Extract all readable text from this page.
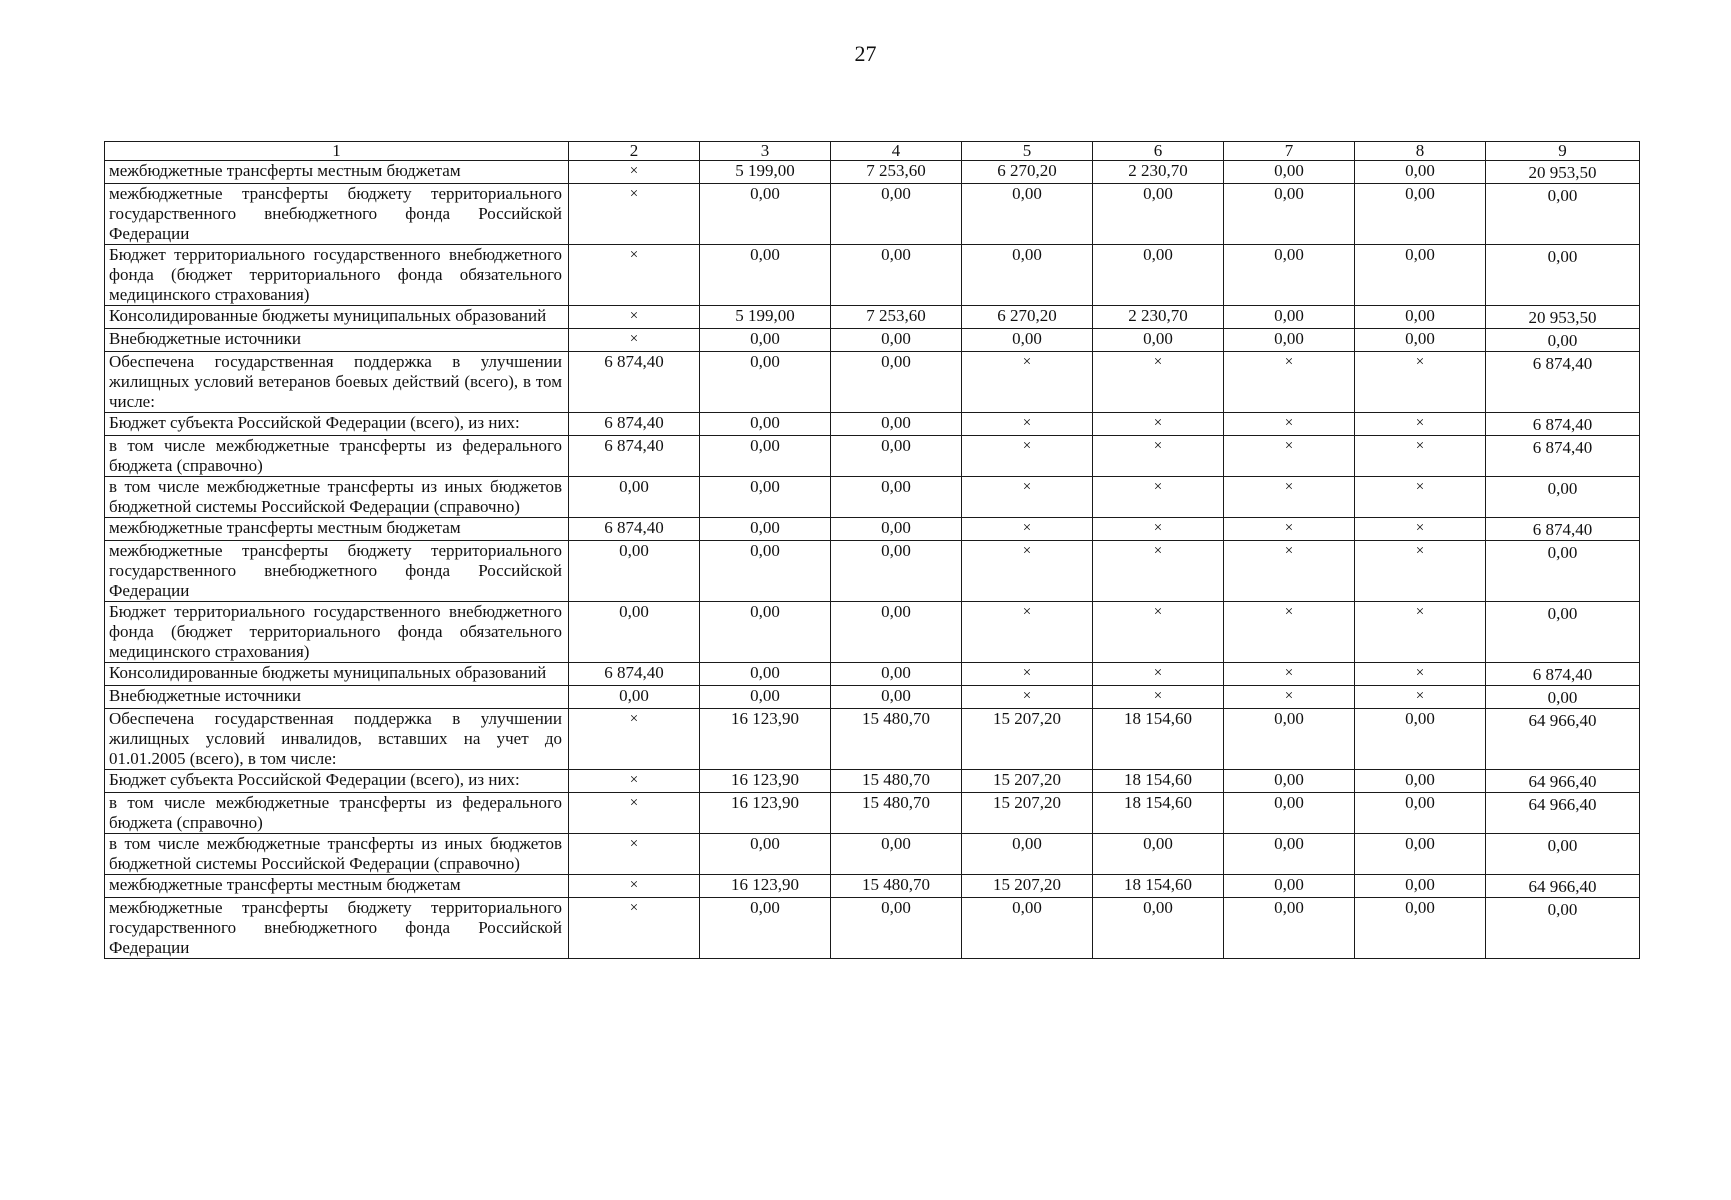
27
1	2	3	4	5	6	7	8	9
межбюджетные трансферты местным бюджетам	×	5 199,00	7 253,60	6 270,20	2 230,70	0,00	0,00	20 953,50
межбюджетные трансферты бюджету территориального государственного внебюджетного фонда Российской Федерации	×	0,00	0,00	0,00	0,00	0,00	0,00	0,00
Бюджет территориального государственного внебюджетного фонда (бюджет территориального фонда обязательного медицинского страхования)	×	0,00	0,00	0,00	0,00	0,00	0,00	0,00
Консолидированные бюджеты муниципальных образований	×	5 199,00	7 253,60	6 270,20	2 230,70	0,00	0,00	20 953,50
Внебюджетные источники	×	0,00	0,00	0,00	0,00	0,00	0,00	0,00
Обеспечена государственная поддержка в улучшении жилищных условий ветеранов боевых действий (всего), в том числе:	6 874,40	0,00	0,00	×	×	×	×	6 874,40
Бюджет субъекта Российской Федерации (всего), из них:	6 874,40	0,00	0,00	×	×	×	×	6 874,40
в том числе межбюджетные трансферты из федерального бюджета (справочно)	6 874,40	0,00	0,00	×	×	×	×	6 874,40
в том числе межбюджетные трансферты из иных бюджетов бюджетной системы Российской Федерации (справочно)	0,00	0,00	0,00	×	×	×	×	0,00
межбюджетные трансферты местным бюджетам	6 874,40	0,00	0,00	×	×	×	×	6 874,40
межбюджетные трансферты бюджету территориального государственного внебюджетного фонда Российской Федерации	0,00	0,00	0,00	×	×	×	×	0,00
Бюджет территориального государственного внебюджетного фонда (бюджет территориального фонда обязательного медицинского страхования)	0,00	0,00	0,00	×	×	×	×	0,00
Консолидированные бюджеты муниципальных образований	6 874,40	0,00	0,00	×	×	×	×	6 874,40
Внебюджетные источники	0,00	0,00	0,00	×	×	×	×	0,00
Обеспечена государственная поддержка в улучшении жилищных условий инвалидов, вставших на учет до 01.01.2005 (всего), в том числе:	×	16 123,90	15 480,70	15 207,20	18 154,60	0,00	0,00	64 966,40
Бюджет субъекта Российской Федерации (всего), из них:	×	16 123,90	15 480,70	15 207,20	18 154,60	0,00	0,00	64 966,40
в том числе межбюджетные трансферты из федерального бюджета (справочно)	×	16 123,90	15 480,70	15 207,20	18 154,60	0,00	0,00	64 966,40
в том числе межбюджетные трансферты из иных бюджетов бюджетной системы Российской Федерации (справочно)	×	0,00	0,00	0,00	0,00	0,00	0,00	0,00
межбюджетные трансферты местным бюджетам	×	16 123,90	15 480,70	15 207,20	18 154,60	0,00	0,00	64 966,40
межбюджетные трансферты бюджету территориального государственного внебюджетного фонда Российской Федерации	×	0,00	0,00	0,00	0,00	0,00	0,00	0,00
